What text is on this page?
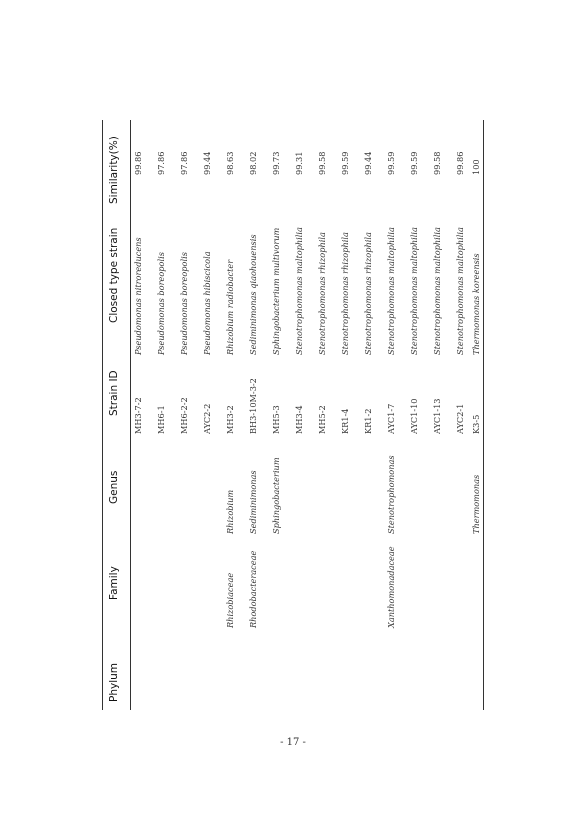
Phylum
Family
Genus
Strain ID
Closed type strain
Similarity(%)
MH3-7-2
Pseudomonas nitroreducens
99.86
MH6-1
Pseudomonas boreopolis
97.86
MH6-2-2
Pseudomonas boreopolis
97.86
AYC2-2
Pseudomonas hibiscicola
99.44
Rhizobiaceae
Rhizobium
MH3-2
Rhizobium radiobacter
98.63
Rhodobacteraceae
Sediminimonas
BH3-10M-3-2
Sediminimonas qiaohouensis
98.02
Sphingobacterium
MH5-3
Sphingobacterium multivorum
99.73
MH3-4
Stenotrophomonas maltophilia
99.31
MH5-2
Stenotrophomonas rhizophila
99.58
KR1-4
Stenotrophomonas rhizophila
99.59
KR1-2
Stenotrophomonas rhizophila
99.44
Xanthomonadaceae
Stenotrophomonas
AYC1-7
Stenotrophomonas maltophilia
99.59
AYC1-10
Stenotrophomonas maltophilia
99.59
AYC1-13
Stenotrophomonas maltophilia
99.58
AYC2-1
Stenotrophomonas maltophilia
99.86
Thermomonas
K3-5
Thermomonas koreensis
100
- 17 -
